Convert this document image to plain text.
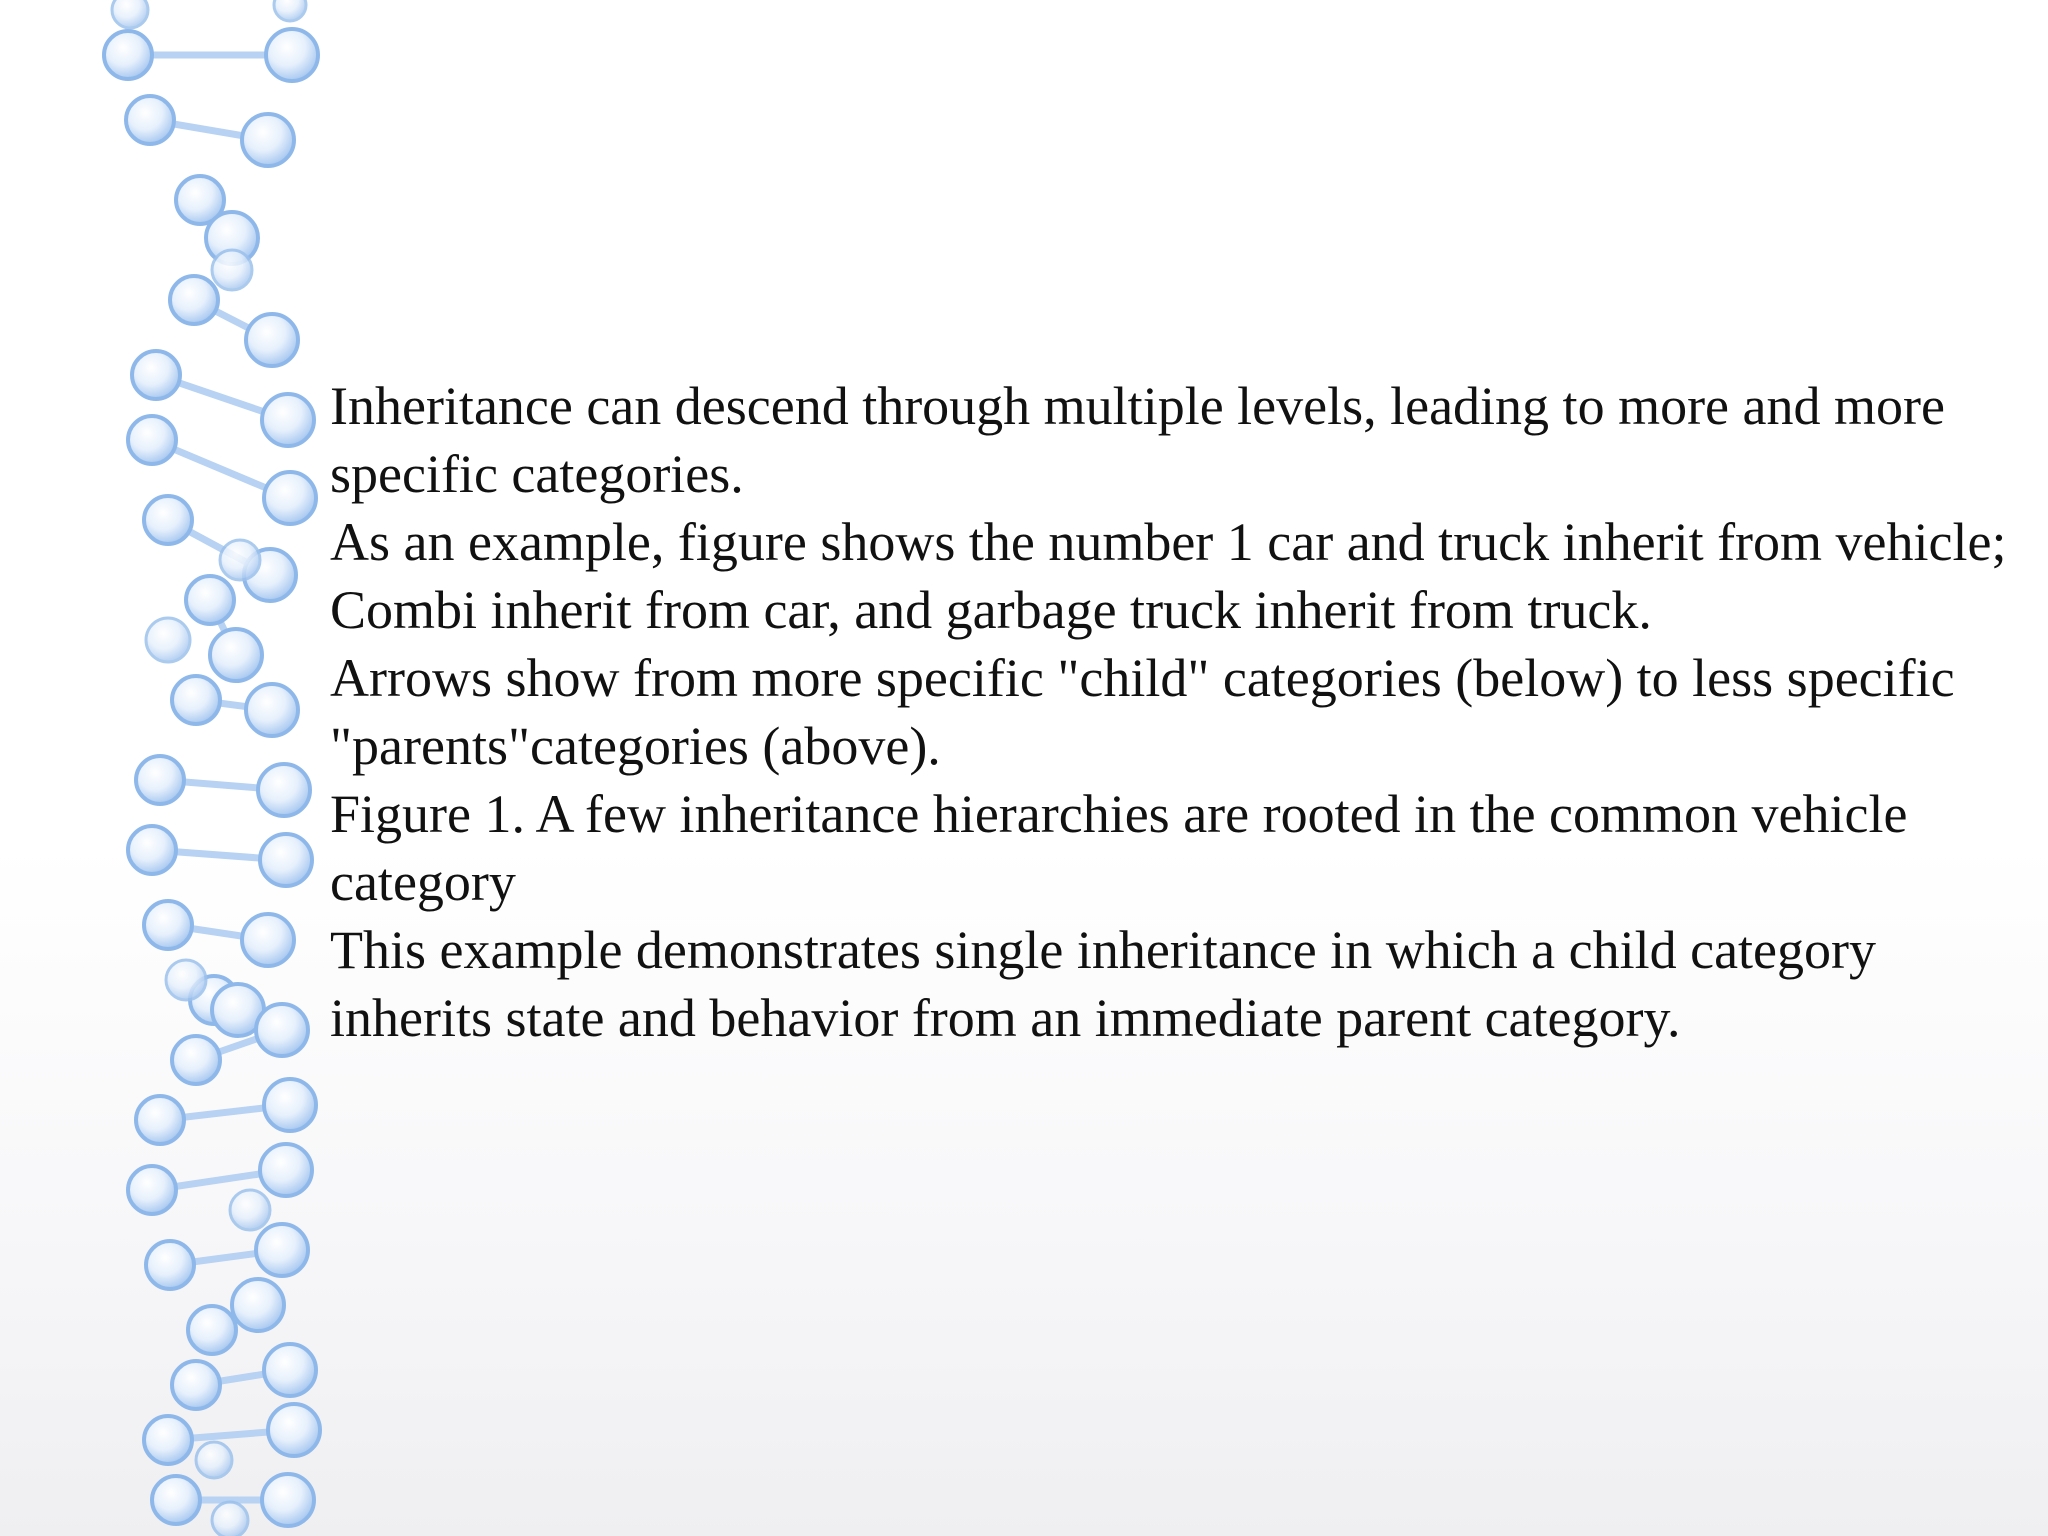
Inheritance can descend through multiple levels, leading to more and more specific categories.

As an example, figure shows the number 1 car and truck inherit from vehicle; Combi inherit from car, and garbage truck inherit from truck.

Arrows show from more specific "child" categories (below) to less specific "parents"categories (above).

Figure 1. A few inheritance hierarchies are rooted in the common vehicle category

This example demonstrates single inheritance in which a child category inherits state and behavior from an immediate parent category.
